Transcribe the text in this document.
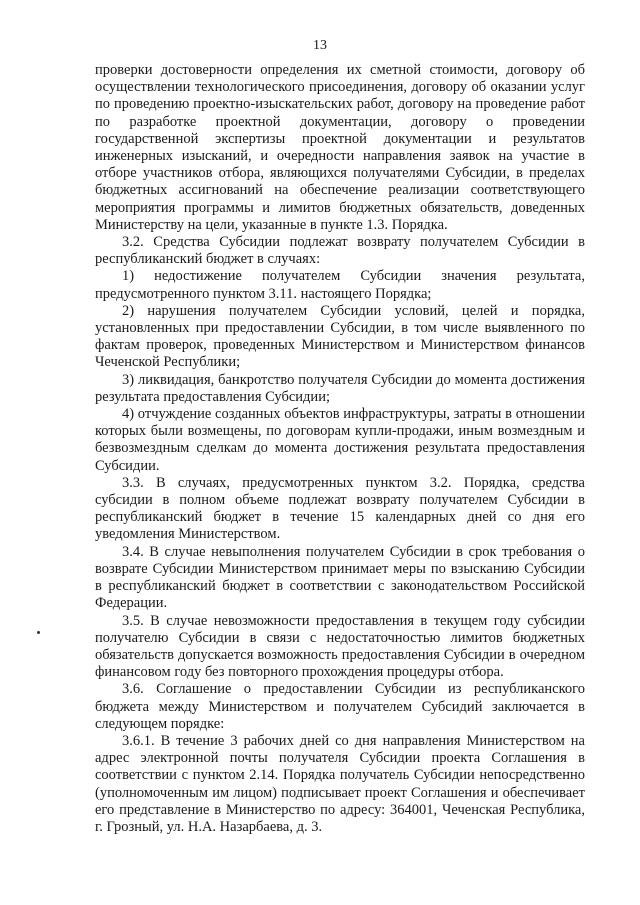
13

проверки достоверности определения их сметной стоимости, договору об осуществлении технологического присоединения, договору об оказании услуг по проведению проектно-изыскательских работ, договору на проведение работ по разработке проектной документации, договору о проведении государственной экспертизы проектной документации и результатов инженерных изысканий, и очередности направления заявок на участие в отборе участников отбора, являющихся получателями Субсидии, в пределах бюджетных ассигнований на обеспечение реализации соответствующего мероприятия программы и лимитов бюджетных обязательств, доведенных Министерству на цели, указанные в пункте 1.3. Порядка.

3.2. Средства Субсидии подлежат возврату получателем Субсидии в республиканский бюджет в случаях:

1) недостижение получателем Субсидии значения результата, предусмотренного пунктом 3.11. настоящего Порядка;

2) нарушения получателем Субсидии условий, целей и порядка, установленных при предоставлении Субсидии, в том числе выявленного по фактам проверок, проведенных Министерством и Министерством финансов Чеченской Республики;

3) ликвидация, банкротство получателя Субсидии до момента достижения результата предоставления Субсидии;

4) отчуждение созданных объектов инфраструктуры, затраты в отношении которых были возмещены, по договорам купли-продажи, иным возмездным и безвозмездным сделкам до момента достижения результата предоставления Субсидии.

3.3. В случаях, предусмотренных пунктом 3.2. Порядка, средства субсидии в полном объеме подлежат возврату получателем Субсидии в республиканский бюджет в течение 15 календарных дней со дня его уведомления Министерством.

3.4. В случае невыполнения получателем Субсидии в срок требования о возврате Субсидии Министерством принимает меры по взысканию Субсидии в республиканский бюджет в соответствии с законодательством Российской Федерации.

3.5. В случае невозможности предоставления в текущем году субсидии получателю Субсидии в связи с недостаточностью лимитов бюджетных обязательств допускается возможность предоставления Субсидии в очередном финансовом году без повторного прохождения процедуры отбора.

3.6. Соглашение о предоставлении Субсидии из республиканского бюджета между Министерством и получателем Субсидий заключается в следующем порядке:

3.6.1. В течение 3 рабочих дней со дня направления Министерством на адрес электронной почты получателя Субсидии проекта Соглашения в соответствии с пунктом 2.14. Порядка получатель Субсидии непосредственно (уполномоченным им лицом) подписывает проект Соглашения и обеспечивает его представление в Министерство по адресу: 364001, Чеченская Республика, г. Грозный, ул. Н.А. Назарбаева, д. 3.
